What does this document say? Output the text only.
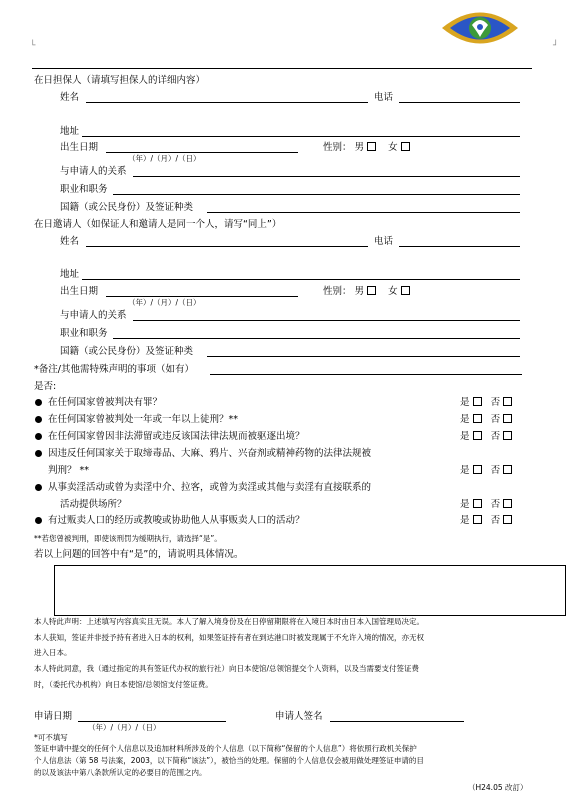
└	┘
在日担保人（请填写担保人的详细内容）
姓名	电话
地址
出生日期
（年）/（月）/（日）
性别： 男	女
与申请人的关系
职业和职务
国籍（或公民身份）及签证种类
在日邀请人（如保证人和邀请人是同一个人，请写“同上”）
姓名	电话
地址
出生日期
（年）/（月）/（日）
性别： 男	女
与申请人的关系
职业和职务
国籍（或公民身份）及签证种类
*备注/其他需特殊声明的事项（如有）
是否:
在任何国家曾被判决有罪？	是 否
在任何国家曾被判处一年或一年以上徒刑？**	是 否
在任何国家曾因非法滞留或违反该国法律法规而被驱逐出境？	是 否
因违反任何国家关于取缔毒品、大麻、鸦片、兴奋剂或精神药物的法律法规被
判刑？ **	是 否
从事卖淫活动或曾为卖淫中介、拉客，或曾为卖淫或其他与卖淫有直接联系的
活动提供场所？	是 否
有过贩卖人口的经历或教唆或协助他人从事贩卖人口的活动？	是 否
**若您曾被判刑，即使该刑罚为缓期执行，请选择“是”。
若以上问题的回答中有“是”的，请说明具体情况。
本人特此声明：上述填写内容真实且无误。本人了解入境身份及在日停留期限将在入境日本时由日本入国管理局决定。
本人获知，签证并非授予持有者进入日本的权利，如果签证持有者在到达港口时被发现属于不允许入境的情况，亦无权
进入日本。
本人特此同意，我（通过指定的具有签证代办权的旅行社）向日本使馆/总领馆提交个人资料，以及当需要支付签证费
时，（委托代办机构）向日本使馆/总领馆支付签证费。
申请日期
（年）/（月）/（日）
申请人签名
*可不填写
签证申请中提交的任何个人信息以及追加材料所涉及的个人信息（以下简称“保留的个人信息”）将依照行政机关保护
个人信息法（第 58 号法案，2003，以下简称“该法”），被恰当的处理。保留的个人信息仅会被用做处理签证申请的目
的以及该法中第八条款所认定的必要目的范围之内。
（H24.05 改訂）
